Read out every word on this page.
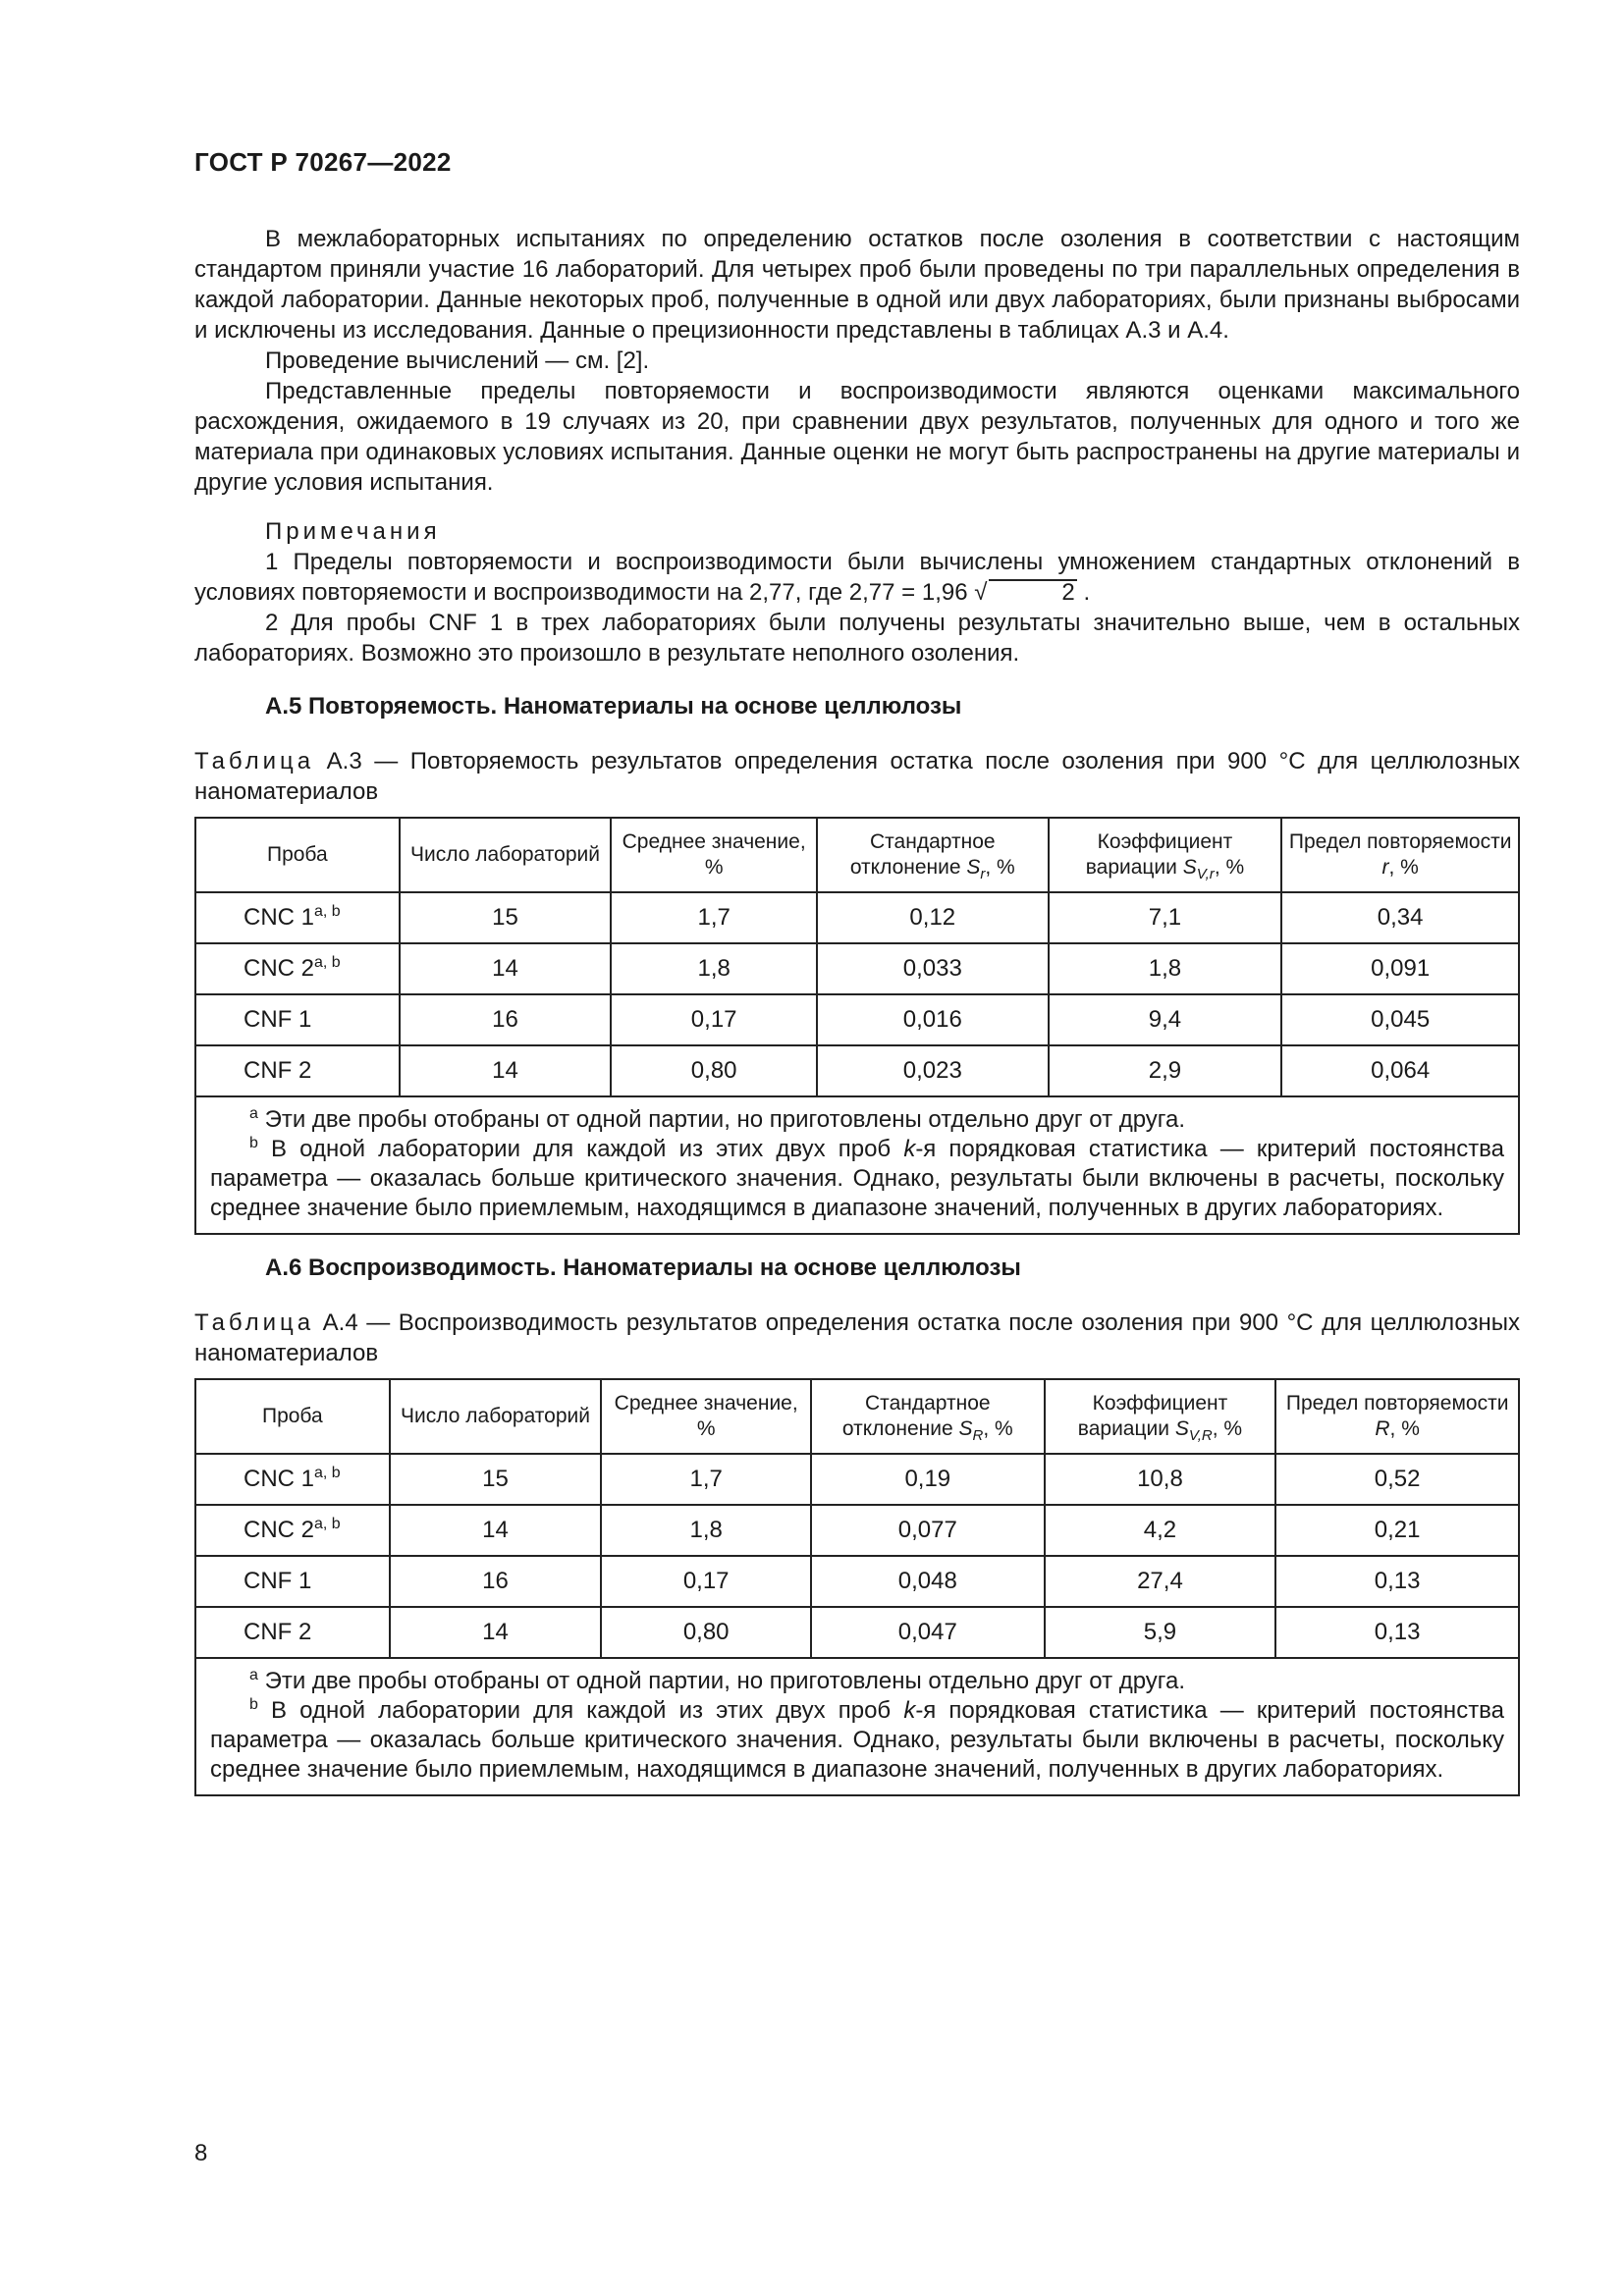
ГОСТ Р 70267—2022

В межлабораторных испытаниях по определению остатков после озоления в соответствии с настоящим стандартом приняли участие 16 лабораторий. Для четырех проб были проведены по три параллельных определения в каждой лаборатории. Данные некоторых проб, полученные в одной или двух лабораториях, были признаны выбросами и исключены из исследования. Данные о прецизионности представлены в таблицах А.3 и А.4.

Проведение вычислений — см. [2].

Представленные пределы повторяемости и воспроизводимости являются оценками максимального расхождения, ожидаемого в 19 случаях из 20, при сравнении двух результатов, полученных для одного и того же материала при одинаковых условиях испытания. Данные оценки не могут быть распространены на другие материалы и другие условия испытания.

Примечания

1 Пределы повторяемости и воспроизводимости были вычислены умножением стандартных отклонений в условиях повторяемости и воспроизводимости на 2,77, где 2,77 = 1,96 √	2 .

2 Для пробы CNF 1 в трех лабораториях были получены результаты значительно выше, чем в остальных лабораториях. Возможно это произошло в результате неполного озоления.

А.5 Повторяемость. Наноматериалы на основе целлюлозы

Таблица А.3 — Повторяемость результатов определения остатка после озоления при 900 °С для целлюлозных наноматериалов

Проба	Число лабораторий	Среднее значение, %	Стандартное отклонение $S_r$, %	Коэффициент вариации $S_{V,r}$, %	Предел повторяемости r, %
CNC 1$^{a, b}$	15	1,7	0,12	7,1	0,34
CNC 2$^{a, b}$	14	1,8	0,033	1,8	0,091
CNF 1	16	0,17	0,016	9,4	0,045
CNF 2	14	0,80	0,023	2,9	0,064

$^a$ Эти две пробы отобраны от одной партии, но приготовлены отдельно друг от друга.
$^b$ В одной лаборатории для каждой из этих двух проб k-я порядковая статистика — критерий постоянства параметра — оказалась больше критического значения. Однако, результаты были включены в расчеты, поскольку среднее значение было приемлемым, находящимся в диапазоне значений, полученных в других лабораториях.					

А.6 Воспроизводимость. Наноматериалы на основе целлюлозы

Таблица А.4 — Воспроизводимость результатов определения остатка после озоления при 900 °С для целлюлозных наноматериалов

Проба	Число лабораторий	Среднее значение, %	Стандартное отклонение $S_R$, %	Коэффициент вариации $S_{V,R}$, %	Предел повторяемости R, %
CNC 1$^{a, b}$	15	1,7	0,19	10,8	0,52
CNC 2$^{a, b}$	14	1,8	0,077	4,2	0,21
CNF 1	16	0,17	0,048	27,4	0,13
CNF 2	14	0,80	0,047	5,9	0,13

$^a$ Эти две пробы отобраны от одной партии, но приготовлены отдельно друг от друга.
$^b$ В одной лаборатории для каждой из этих двух проб k-я порядковая статистика — критерий постоянства параметра — оказалась больше критического значения. Однако, результаты были включены в расчеты, поскольку среднее значение было приемлемым, находящимся в диапазоне значений, полученных в других лабораториях.					
8
